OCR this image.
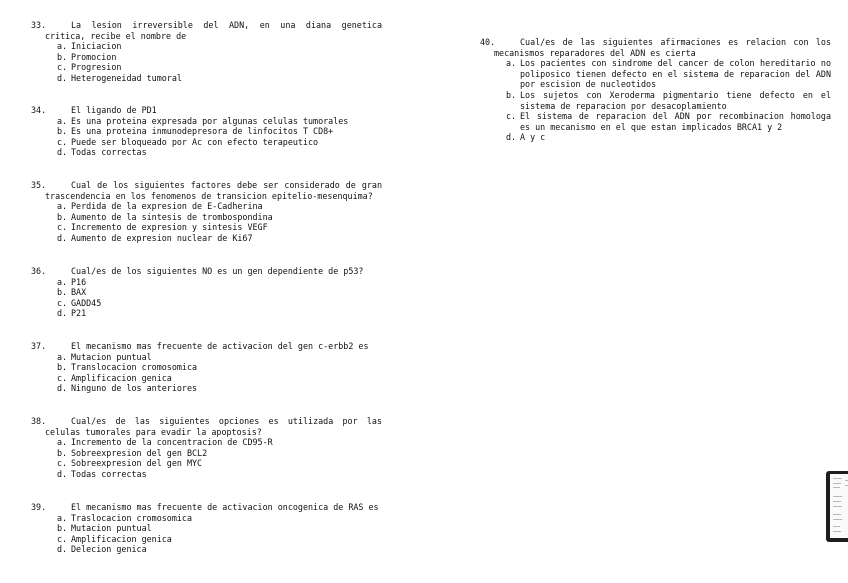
33.	La lesion irreversible del ADN, en una diana genetica critica, recibe el nombre de
a. Iniciacion
b. Promocion
c. Progresion
d. Heterogeneidad tumoral
34.	El ligando de PD1
a. Es una proteina expresada por algunas celulas tumorales
b. Es una proteina inmunodepresora de linfocitos T CD8+
c. Puede ser bloqueado por Ac con efecto terapeutico
d. Todas correctas
35.	Cual de los siguientes factores debe ser considerado de gran trascendencia en los fenomenos de transicion epitelio-mesenquima?
a. Perdida de la expresion de E-Cadherina
b. Aumento de la sintesis de trombospondina
c. Incremento de expresion y sintesis VEGF
d. Aumento de expresion nuclear de Ki67
36.	Cual/es de los siguientes NO es un gen dependiente de p53?
a. P16
b. BAX
c. GADD45
d. P21
37.	El mecanismo mas frecuente de activacion del gen c-erbb2 es
a. Mutacion puntual
b. Translocacion cromosomica
c. Amplificacion genica
d. Ninguno de los anteriores
38.	Cual/es de las siguientes opciones es utilizada por las celulas tumorales para evadir la apoptosis?
a. Incremento de la concentracion de CD95-R
b. Sobreexpresion del gen BCL2
c. Sobreexpresion del gen MYC
d. Todas correctas
39.	El mecanismo mas frecuente de activacion oncogenica de RAS es
a. Traslocacion cromosomica
b. Mutacion puntual
c. Amplificacion genica
d. Delecion genica
40.	Cual/es de las siguientes afirmaciones es relacion con los mecanismos reparadores del ADN es cierta
a. Los pacientes con sindrome del cancer de colon hereditario no poliposico tienen defecto en el sistema de reparacion del ADN por escision de nucleotidos
b. Los sujetos con Xeroderma pigmentario tiene defecto en el sistema de reparacion por desacoplamiento
c. El sistema de reparacion del ADN por recombinacion homologa es un mecanismo en el que estan implicados BRCA1 y 2
d. A y c
